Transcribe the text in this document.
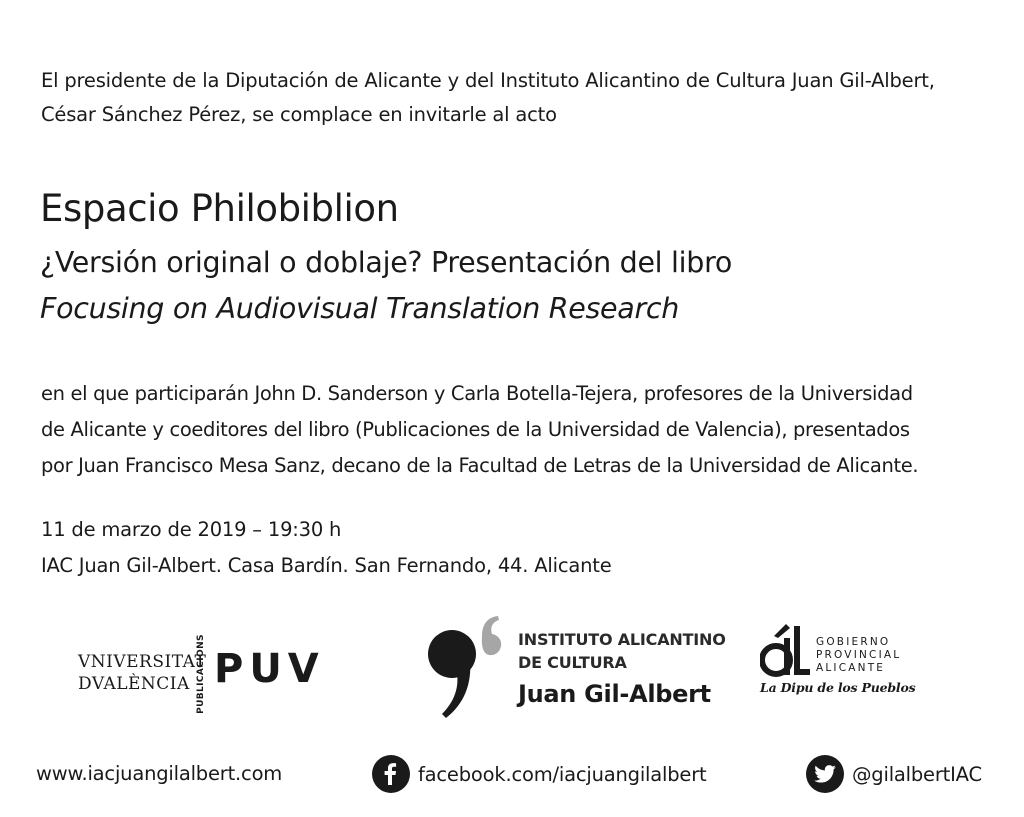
El presidente de la Diputación de Alicante y del Instituto Alicantino de Cultura Juan Gil-Albert,

César Sánchez Pérez, se complace en invitarle al acto

Espacio Philobiblion
¿Versión original o doblaje? Presentación del libro
Focusing on Audiovisual Translation Research

en el que participarán John D. Sanderson y Carla Botella-Tejera, profesores de la Universidad

de Alicante y coeditores del libro (Publicaciones de la Universidad de Valencia), presentados

por Juan Francisco Mesa Sanz, decano de la Facultad de Letras de la Universidad de Alicante.

11 de marzo de 2019 – 19:30 h

IAC Juan Gil-Albert. Casa Bardín. San Fernando, 44. Alicante

VNIVERSITAT
DVALÈNCIA PUBLICACIONS PUV
INSTITUTO ALICANTINO
DE CULTURA
Juan Gil-Albert
GOBIERNO
PROVINCIAL
ALICANTE
La Dipu de los Pueblos
www.iacjuangilalbert.com	facebook.com/iacjuangilalbert	@gilalbertIAC
